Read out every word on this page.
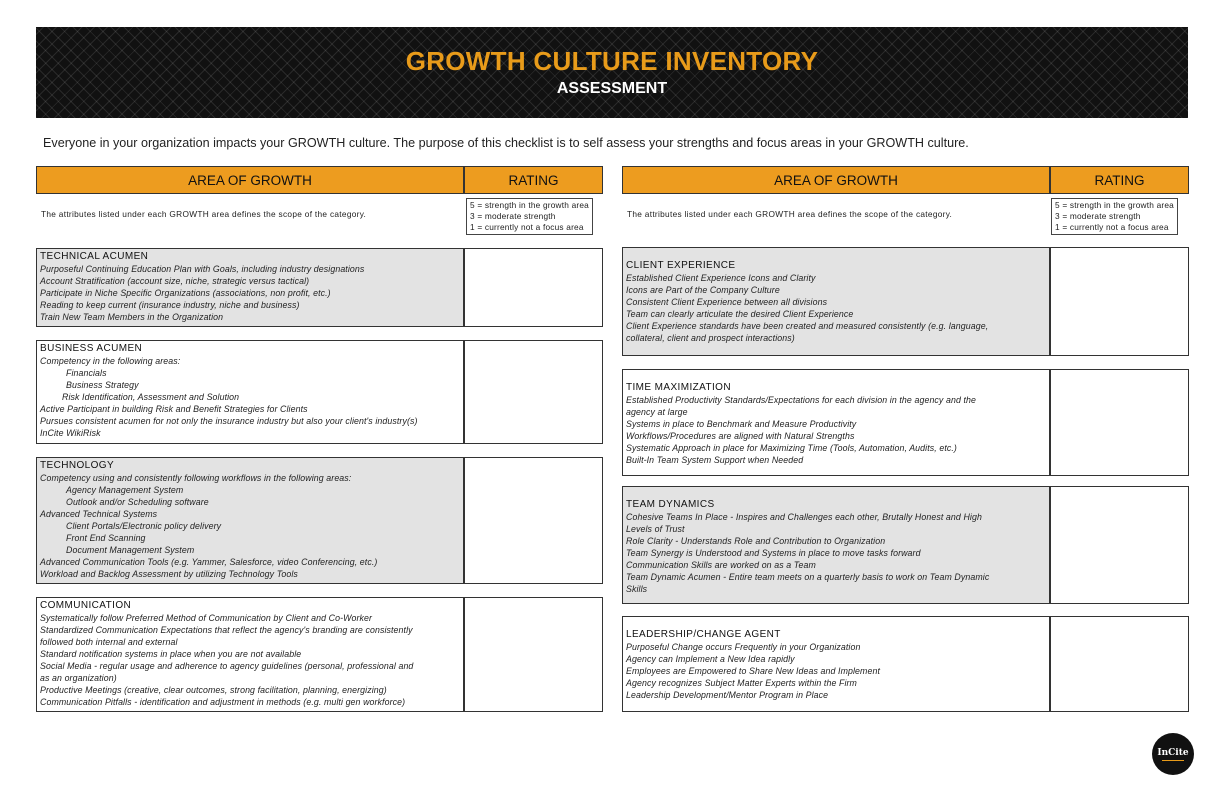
GROWTH CULTURE INVENTORY
ASSESSMENT
Everyone in your organization impacts your GROWTH culture. The purpose of this checklist is to self assess your strengths and focus areas in your GROWTH culture.
AREA OF GROWTH	RATING
The attributes listed under each GROWTH area defines the scope of the category.
5 = strength in the growth area
3 = moderate strength
1 = currently not a focus area
AREA OF GROWTH	RATING
The attributes listed under each GROWTH area defines the scope of the category.
5 = strength in the growth area
3 = moderate strength
1 = currently not a focus area
TECHNICAL ACUMEN
Purposeful Continuing Education Plan with Goals, including industry designations
Account Stratification (account size, niche, strategic versus tactical)
Participate in Niche Specific Organizations (associations, non profit, etc.)
Reading to keep current (insurance industry, niche and business)
Train New Team Members in the Organization
BUSINESS ACUMEN
Competency in the following areas:
Financials
Business Strategy
Risk Identification, Assessment and Solution
Active Participant in building Risk and Benefit Strategies for Clients
Pursues consistent acumen for not only the insurance industry but also your client's industry(s)
InCite WikiRisk
TECHNOLOGY
Competency using and consistently following workflows in the following areas:
Agency Management System
Outlook and/or Scheduling software
Advanced Technical Systems
Client Portals/Electronic policy delivery
Front End Scanning
Document Management System
Advanced Communication Tools (e.g. Yammer, Salesforce, video Conferencing, etc.)
Workload and Backlog Assessment by utilizing Technology Tools
COMMUNICATION
Systematically follow Preferred Method of Communication by Client and Co-Worker
Standardized Communication Expectations that reflect the agency's branding are consistently
followed both internal and external
Standard notification systems in place when you are not available
Social Media - regular usage and adherence to agency guidelines (personal, professional and
as an organization)
Productive Meetings (creative, clear outcomes, strong facilitation, planning, energizing)
Communication Pitfalls - identification and adjustment in methods (e.g. multi gen workforce)
CLIENT EXPERIENCE
Established Client Experience Icons and Clarity
Icons are Part of the Company Culture
Consistent Client Experience between all divisions
Team can clearly articulate the desired Client Experience
Client Experience standards have been created and measured consistently (e.g. language,
collateral, client and prospect interactions)
TIME MAXIMIZATION
Established Productivity Standards/Expectations for each division in the agency and the
agency at large
Systems in place to Benchmark and Measure Productivity
Workflows/Procedures are aligned with Natural Strengths
Systematic Approach in place for Maximizing Time (Tools, Automation, Audits, etc.)
Built-In Team System Support when Needed
TEAM DYNAMICS
Cohesive Teams In Place - Inspires and Challenges each other, Brutally Honest and High
Levels of Trust
Role Clarity - Understands Role and Contribution to Organization
Team Synergy is Understood and Systems in place to move tasks forward
Communication Skills are worked on as a Team
Team Dynamic Acumen - Entire team meets on a quarterly basis to work on Team Dynamic
Skills
LEADERSHIP/CHANGE AGENT
Purposeful Change occurs Frequently in your Organization
Agency can Implement a New Idea rapidly
Employees are Empowered to Share New Ideas and Implement
Agency recognizes Subject Matter Experts within the Firm
Leadership Development/Mentor Program in Place
InCite
